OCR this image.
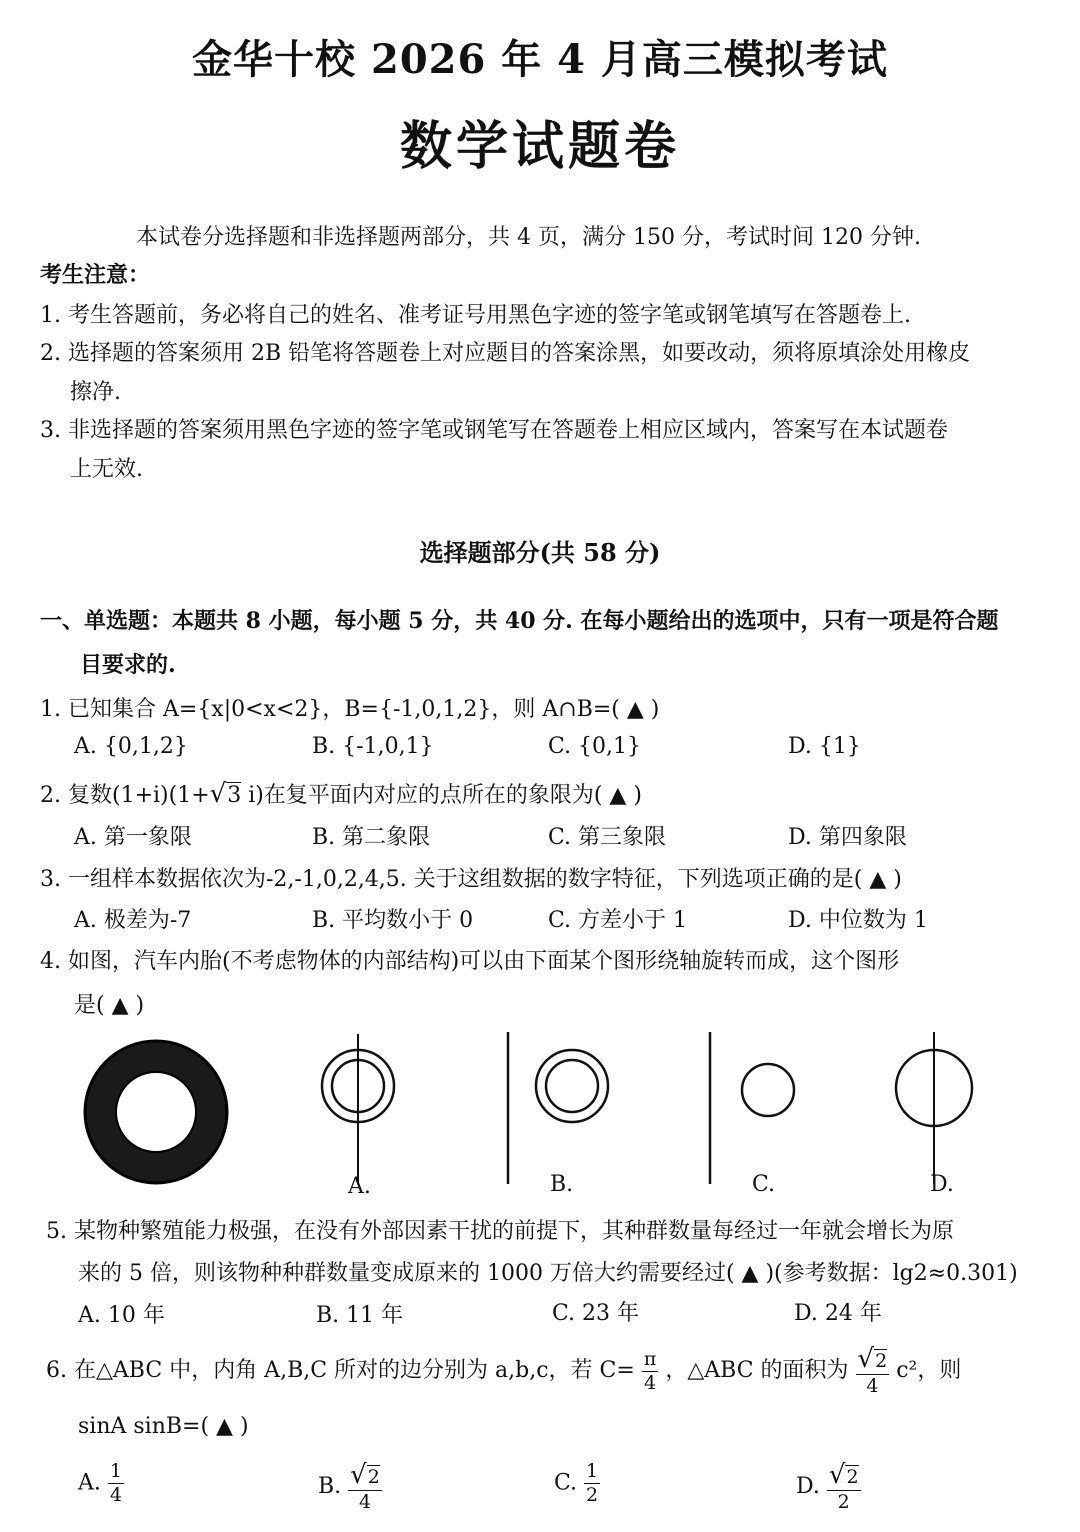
金华十校 2026 年 4 月高三模拟考试
数学试题卷
本试卷分选择题和非选择题两部分，共 4 页，满分 150 分，考试时间 120 分钟.
考生注意：
1. 考生答题前，务必将自己的姓名、准考证号用黑色字迹的签字笔或钢笔填写在答题卷上.
2. 选择题的答案须用 2B 铅笔将答题卷上对应题目的答案涂黑，如要改动，须将原填涂处用橡皮
擦净.
3. 非选择题的答案须用黑色字迹的签字笔或钢笔写在答题卷上相应区域内，答案写在本试题卷
上无效.
选择题部分(共 58 分)
一、单选题：本题共 8 小题，每小题 5 分，共 40 分. 在每小题给出的选项中，只有一项是符合题
目要求的.
1. 已知集合 A={x|0<x<2}，B={-1,0,1,2}，则 A∩B=( ▲ )
A. {0,1,2}	B. {-1,0,1}	C. {0,1}	D. {1}
2. 复数(1+i)(1+√3 i)在复平面内对应的点所在的象限为( ▲ )
A. 第一象限	B. 第二象限	C. 第三象限	D. 第四象限
3. 一组样本数据依次为-2,-1,0,2,4,5. 关于这组数据的数字特征，下列选项正确的是( ▲ )
A. 极差为-7	B. 平均数小于 0	C. 方差小于 1	D. 中位数为 1
4. 如图，汽车内胎(不考虑物体的内部结构)可以由下面某个图形绕轴旋转而成，这个图形
是( ▲ )
A.	B.	C.	D.
5. 某物种繁殖能力极强，在没有外部因素干扰的前提下，其种群数量每经过一年就会增长为原
来的 5 倍，则该物种种群数量变成原来的 1000 万倍大约需要经过( ▲ )(参考数据：lg2≈0.301)
A. 10 年	B. 11 年	C. 23 年	D. 24 年
6. 在△ABC 中，内角 A,B,C 所对的边分别为 a,b,c，若 $C= \frac{\pi}{4}$ ，△ABC 的面积为 $\frac{√2}{4} c^2$，则
sinA sinB=( ▲ )
A. $\frac{1}{4}$	B. $\frac{√2}{4}$	C. $\frac{1}{2}$	D. $\frac{√2}{2}$
